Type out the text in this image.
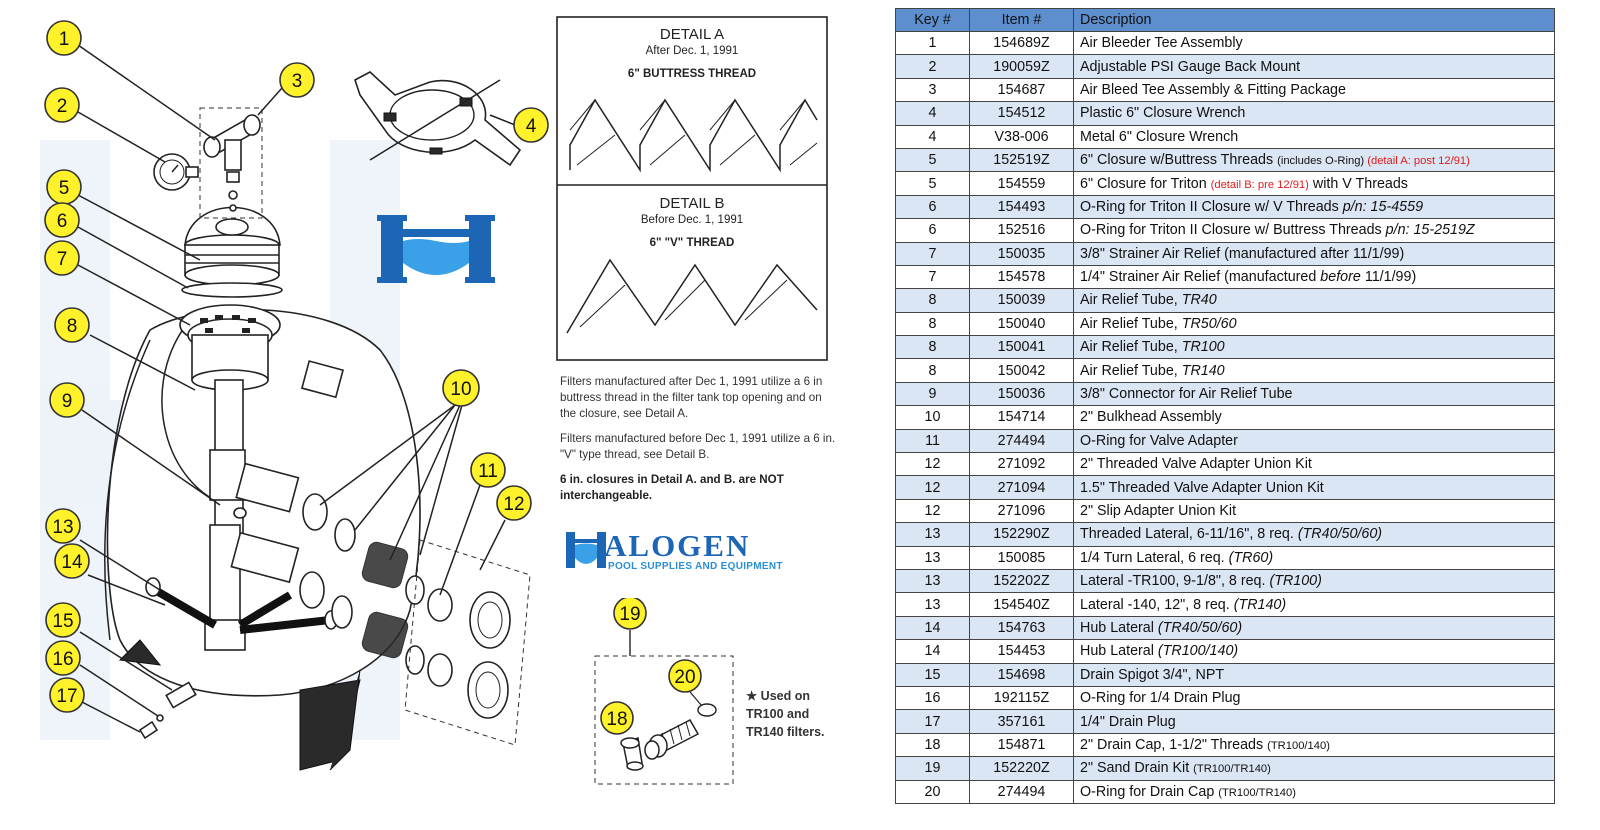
1
2
3
4
5
6
7
8
9
10
11
12
13
14
15
16
17
DETAIL A
After Dec. 1, 1991
6" BUTTRESS THREAD
DETAIL B
Before Dec. 1, 1991
6" "V" THREAD

Filters manufactured after Dec 1, 1991 utilize a 6 in buttress thread in the filter tank top opening and on the closure, see Detail A.

Filters manufactured before Dec 1, 1991 utilize a 6 in. "V" type thread, see Detail B.

6 in. closures in Detail A. and B. are NOT interchangeable.

ALOGEN
POOL SUPPLIES AND EQUIPMENT
19
20
18
★ Used on
TR100 and
TR140 filters.
Key #	Item #	Description
1	154689Z	Air Bleeder Tee Assembly
2	190059Z	Adjustable PSI Gauge Back Mount
3	154687	Air Bleed Tee Assembly & Fitting Package
4	154512	Plastic 6" Closure Wrench
4	V38-006	Metal 6" Closure Wrench
5	152519Z	6" Closure w/Buttress Threads (includes O-Ring) (detail A: post 12/91)
5	154559	6" Closure for Triton (detail B: pre 12/91) with V Threads
6	154493	O-Ring for Triton II Closure w/ V Threads p/n: 15-4559
6	152516	O-Ring for Triton II Closure w/ Buttress Threads p/n: 15-2519Z
7	150035	3/8" Strainer Air Relief (manufactured after 11/1/99)
7	154578	1/4" Strainer Air Relief (manufactured before 11/1/99)
8	150039	Air Relief Tube, TR40
8	150040	Air Relief Tube, TR50/60
8	150041	Air Relief Tube, TR100
8	150042	Air Relief Tube, TR140
9	150036	3/8" Connector for Air Relief Tube
10	154714	2" Bulkhead Assembly
11	274494	O-Ring for Valve Adapter
12	271092	2" Threaded Valve Adapter Union Kit
12	271094	1.5" Threaded Valve Adapter Union Kit
12	271096	2" Slip Adapter Union Kit
13	152290Z	Threaded Lateral, 6-11/16", 8 req. (TR40/50/60)
13	150085	1/4 Turn Lateral, 6 req. (TR60)
13	152202Z	Lateral -TR100, 9-1/8", 8 req. (TR100)
13	154540Z	Lateral -140, 12", 8 req. (TR140)
14	154763	Hub Lateral (TR40/50/60)
14	154453	Hub Lateral (TR100/140)
15	154698	Drain Spigot 3/4", NPT
16	192115Z	O-Ring for 1/4 Drain Plug
17	357161	1/4" Drain Plug
18	154871	2" Drain Cap, 1-1/2" Threads (TR100/140)
19	152220Z	2" Sand Drain Kit (TR100/TR140)
20	274494	O-Ring for Drain Cap (TR100/TR140)
